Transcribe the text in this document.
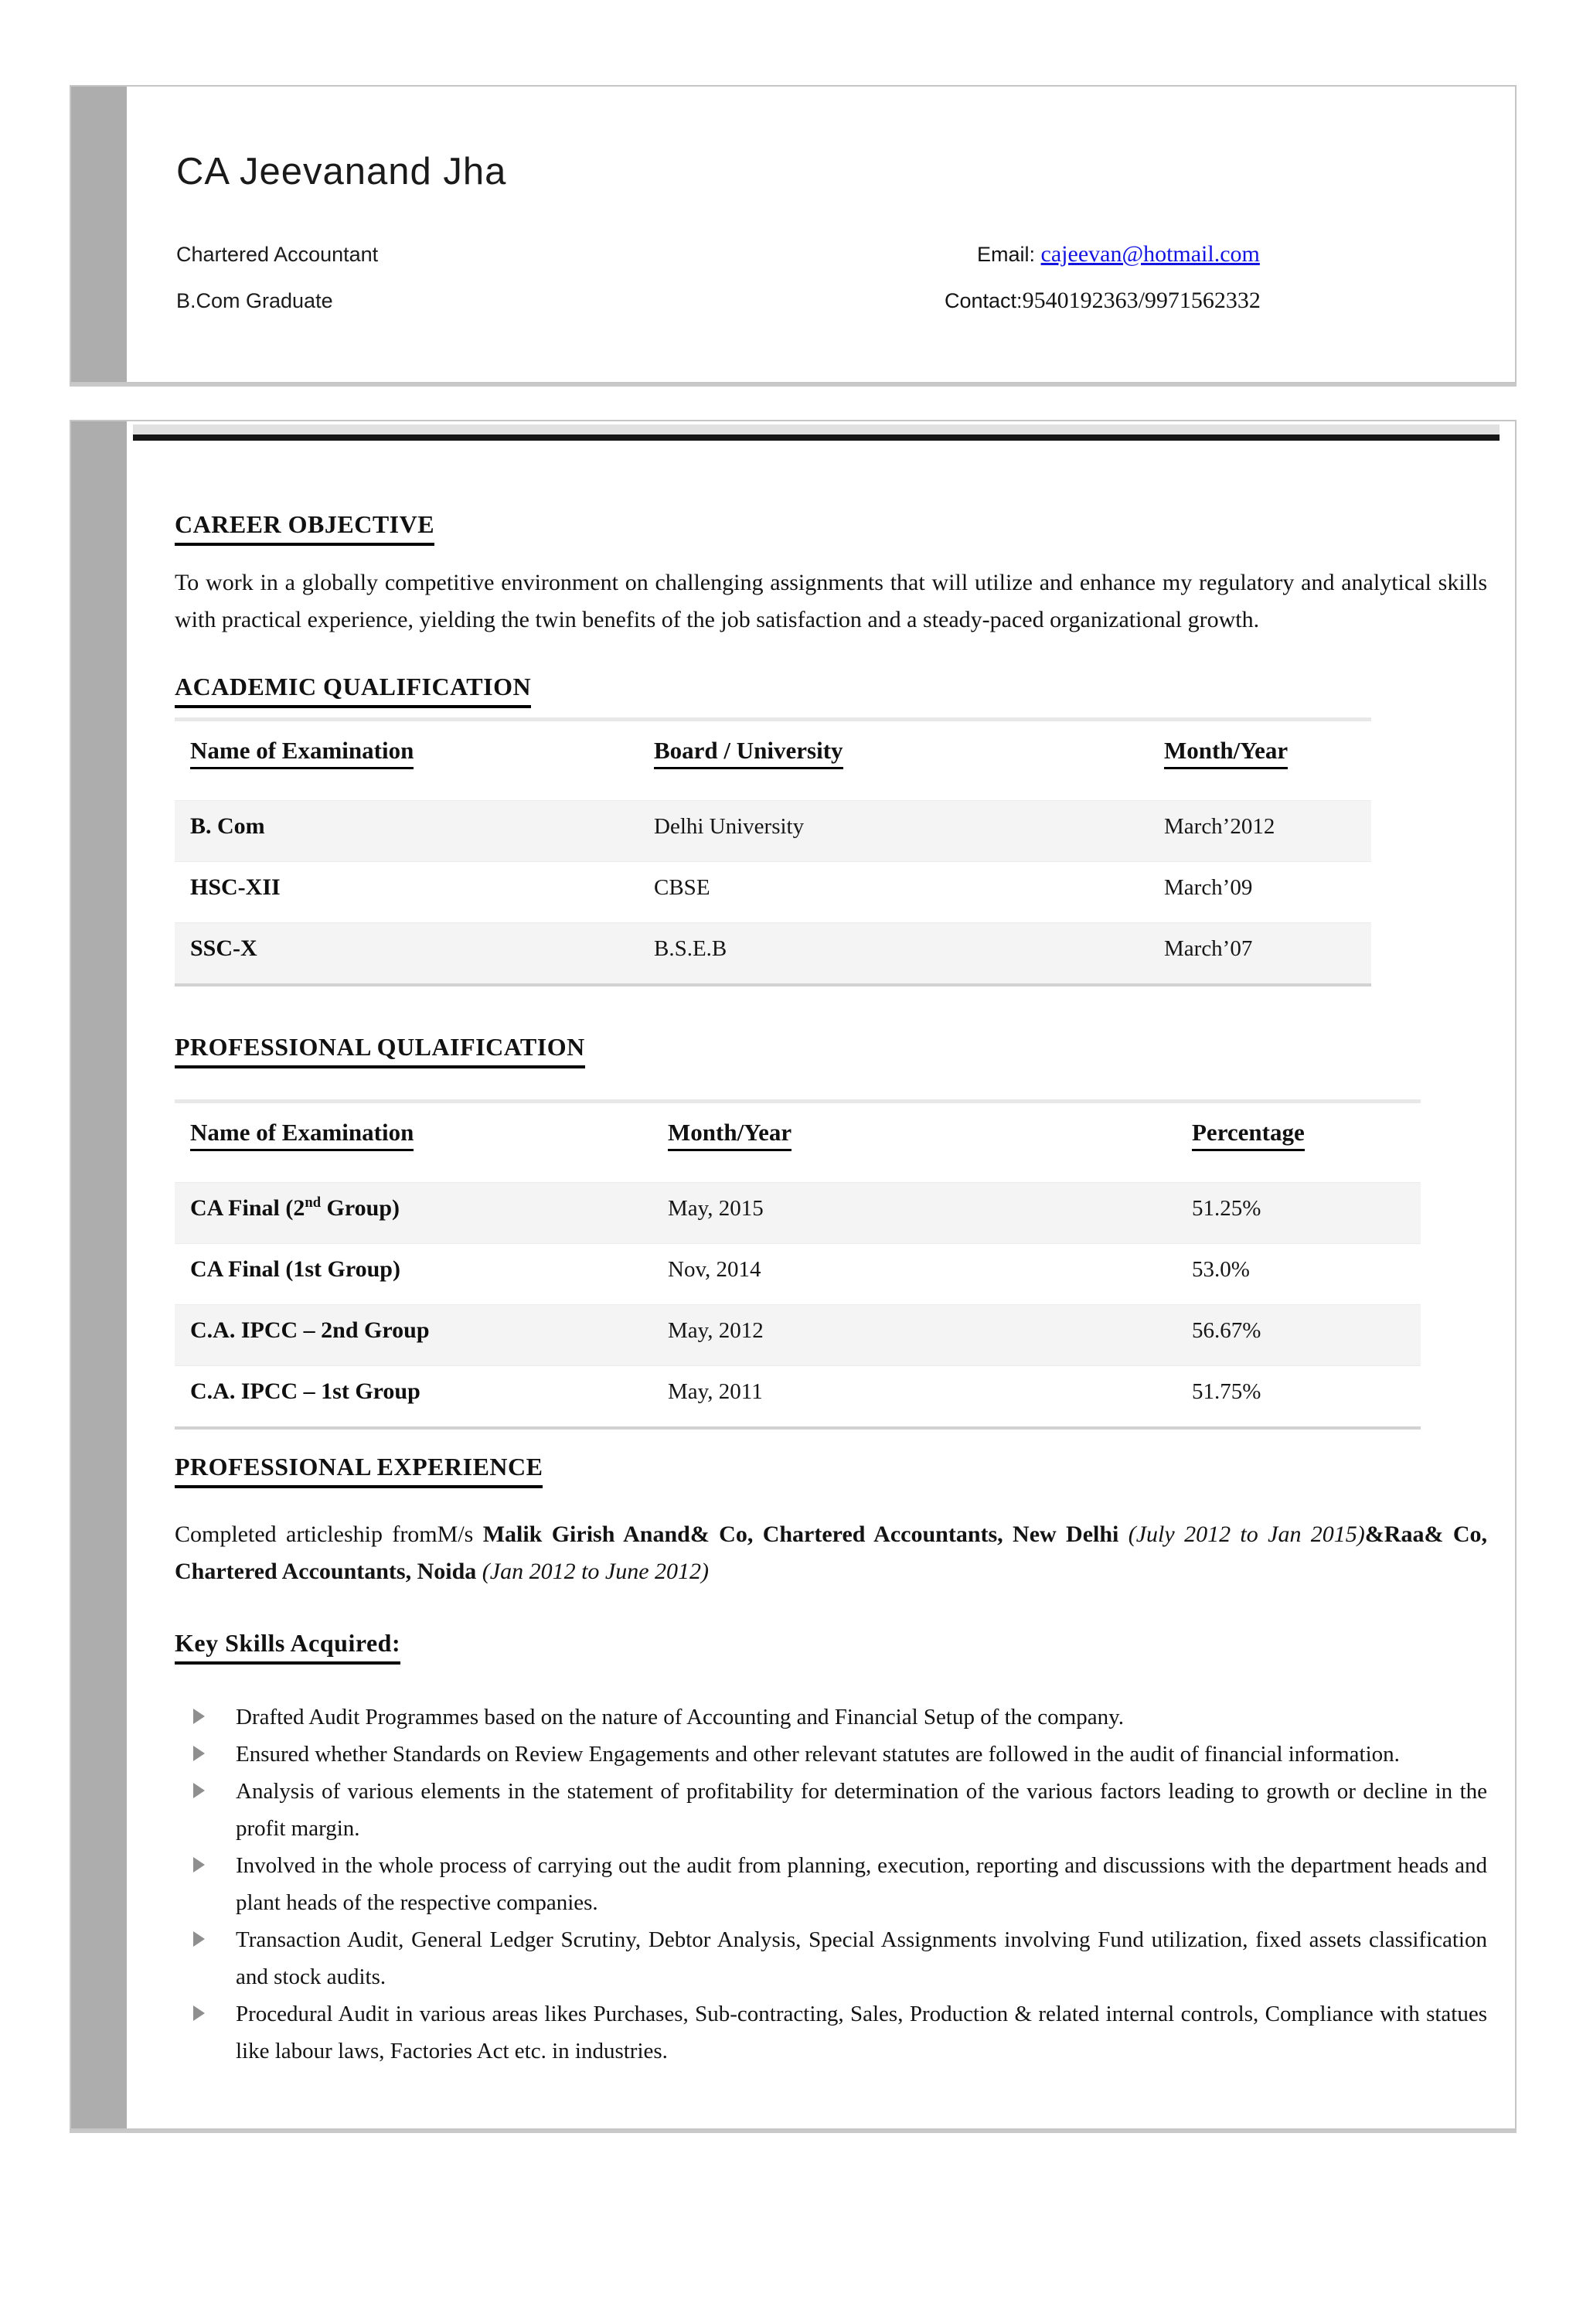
CA Jeevanand Jha
Chartered Accountant	Email: cajeevan@hotmail.com
B.Com Graduate	Contact:9540192363/9971562332
CAREER OBJECTIVE
To work in a globally competitive environment on challenging assignments that will utilize and enhance my regulatory and analytical skills with practical experience, yielding the twin benefits of the job satisfaction and a steady-paced organizational growth.
ACADEMIC QUALIFICATION
Name of Examination	Board / University	Month/Year
B. Com	Delhi University	March’2012
HSC-XII	CBSE	March’09
SSC-X	B.S.E.B	March’07
PROFESSIONAL QULAIFICATION
Name of Examination	Month/Year	Percentage
CA Final (2nd Group)	May, 2015	51.25%
CA Final (1st Group)	Nov, 2014	53.0%
C.A. IPCC – 2nd Group	May, 2012	56.67%
C.A. IPCC – 1st Group	May, 2011	51.75%
PROFESSIONAL EXPERIENCE
Completed articleship fromM/s Malik Girish Anand& Co, Chartered Accountants, New Delhi (July 2012 to Jan 2015)&Raa& Co, Chartered Accountants, Noida (Jan 2012 to June 2012)
Key Skills Acquired:
Drafted Audit Programmes based on the nature of Accounting and Financial Setup of the company.
Ensured whether Standards on Review Engagements and other relevant statutes are followed in the audit of financial information.
Analysis of various elements in the statement of profitability for determination of the various factors leading to growth or decline in the profit margin.
Involved in the whole process of carrying out the audit from planning, execution, reporting and discussions with the department heads and plant heads of the respective companies.
Transaction Audit, General Ledger Scrutiny, Debtor Analysis, Special Assignments involving Fund utilization, fixed assets classification and stock audits.
Procedural Audit in various areas likes Purchases, Sub-contracting, Sales, Production & related internal controls, Compliance with statues like labour laws, Factories Act etc. in industries.
